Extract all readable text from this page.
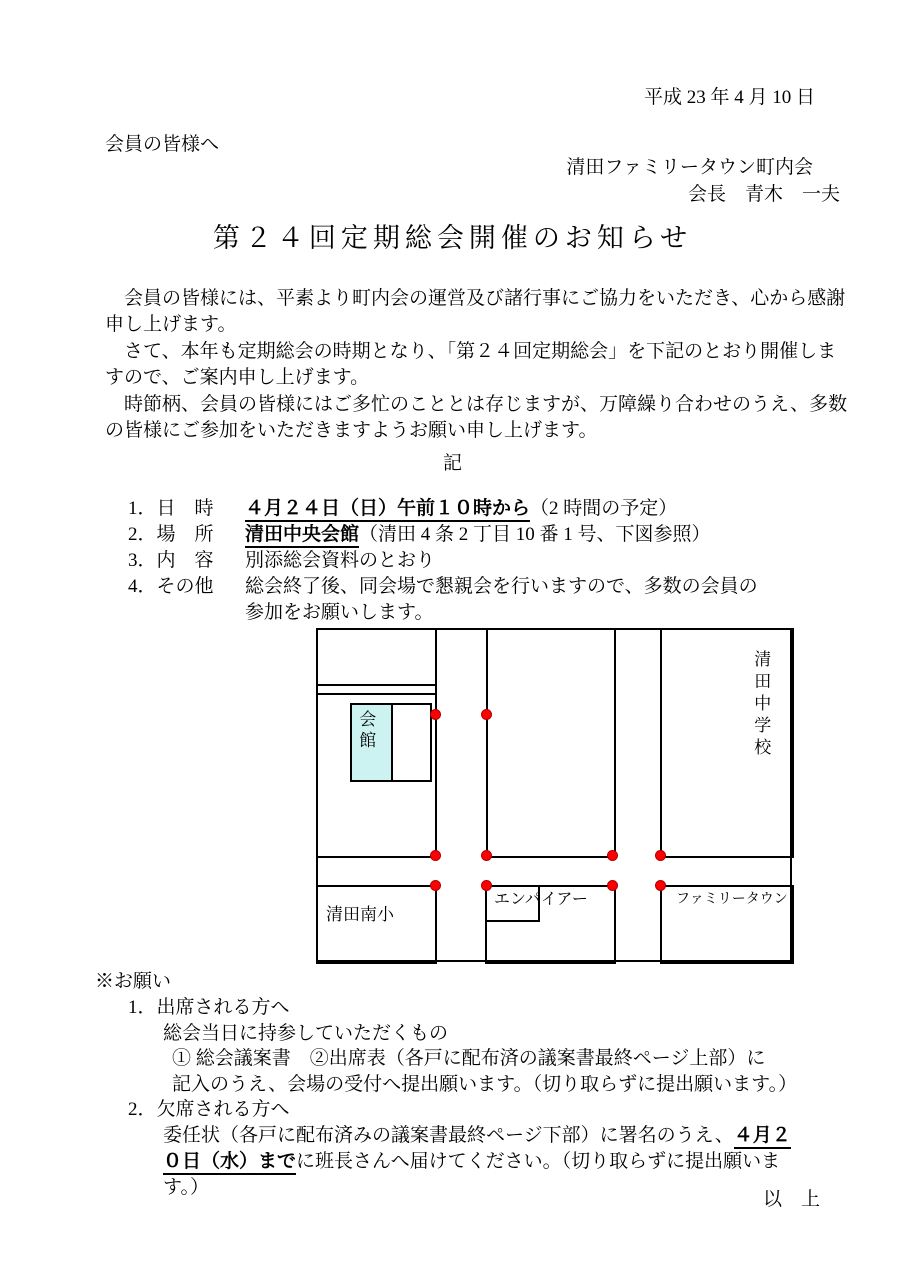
平成 23 年 4 月 10 日
会員の皆様へ
清田ファミリータウン町内会
会長　青木　一夫
第２４回定期総会開催のお知らせ
　会員の皆様には、平素より町内会の運営及び諸行事にご協力をいただき、心から感謝
申し上げます。
　さて、本年も定期総会の時期となり、「第２４回定期総会」を下記のとおり開催しま
すので、ご案内申し上げます。
　時節柄、会員の皆様にはご多忙のこととは存じますが、万障繰り合わせのうえ、多数
の皆様にご参加をいただきますようお願い申し上げます。
記
1．日　時 ４月２４日（日）午前１０時から（2 時間の予定）
2．場　所 清田中央会館（清田 4 条 2 丁目 10 番 1 号、下図参照）
3．内　容 別添総会資料のとおり
4．その他 総会終了後、同会場で懇親会を行いますので、多数の会員の
参加をお願いします。
会館	清田中学校
清田南小
エンパイアー	ファミリータウン
※お願い
1．出席される方へ
総会当日に持参していただくもの
① 総会議案書　②出席表（各戸に配布済の議案書最終ページ上部）に
記入のうえ、会場の受付へ提出願います。（切り取らずに提出願います。）
2．欠席される方へ
委任状（各戸に配布済みの議案書最終ページ下部）に署名のうえ、４月２
０日（水）までに班長さんへ届けてください。（切り取らずに提出願いま
す。）
以　上
